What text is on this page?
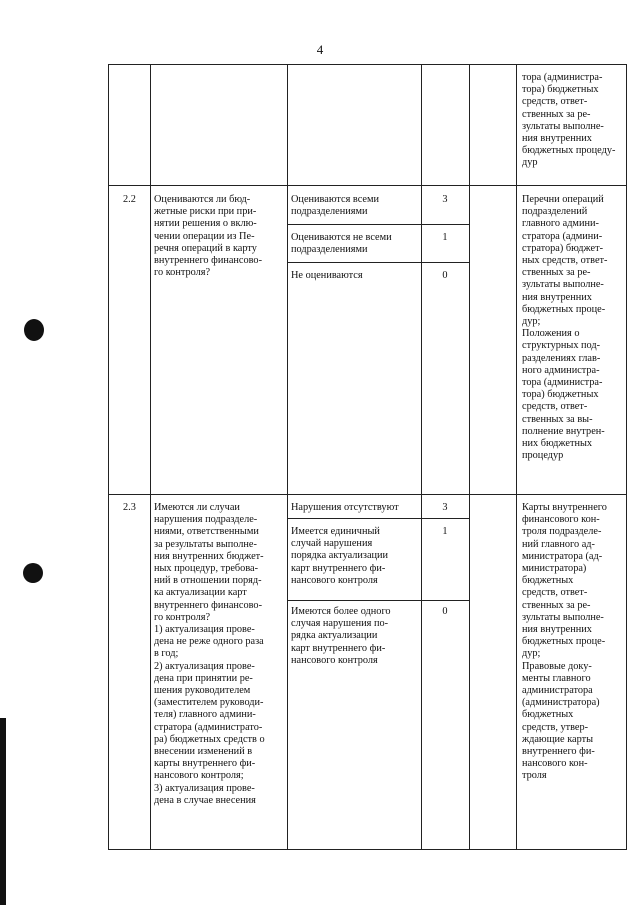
4
тора (администра-
тора) бюджетных
средств, ответ-
ственных за ре-
зультаты выполне-
ния внутренних
бюджетных процеду-
дур
2.2 Оцениваются ли бюд-
жетные риски при при-
нятии решения о вклю-
чении операции из Пе-
речня операций в карту
внутреннего финансово-
го контроля?
Оцениваются всеми
подразделениями
3
Оцениваются не всеми
подразделениями
1
Не оцениваются	0
Перечни операций
подразделений
главного админи-
стратора (админи-
стратора) бюджет-
ных средств, ответ-
ственных за ре-
зультаты выполне-
ния внутренних
бюджетных проце-
дур;
Положения о
структурных под-
разделениях глав-
ного администра-
тора (администра-
тора) бюджетных
средств, ответ-
ственных за вы-
полнение внутрен-
них бюджетных
процедур
2.3 Имеются ли случаи
нарушения подразделе-
ниями, ответственными
за результаты выполне-
ния внутренних бюджет-
ных процедур, требова-
ний в отношении поряд-
ка актуализации карт
внутреннего финансово-
го контроля?
1) актуализация прове-
дена не реже одного раза
в год;
2) актуализация прове-
дена при принятии ре-
шения руководителем
(заместителем руководи-
теля) главного админи-
стратора (администрато-
ра) бюджетных средств о
внесении изменений в
карты внутреннего фи-
нансового контроля;
3) актуализация прове-
дена в случае внесения
Нарушения отсутствуют	3
Имеется единичный
случай нарушения
порядка актуализации
карт внутреннего фи-
нансового контроля
1
Имеются более одного
случая нарушения по-
рядка актуализации
карт внутреннего фи-
нансового контроля
0
Карты внутреннего
финансового кон-
троля подразделе-
ний главного ад-
министратора (ад-
министратора)
бюджетных
средств, ответ-
ственных за ре-
зультаты выполне-
ния внутренних
бюджетных проце-
дур;
Правовые доку-
менты главного
администратора
(администратора)
бюджетных
средств, утвер-
ждающие карты
внутреннего фи-
нансового кон-
троля
